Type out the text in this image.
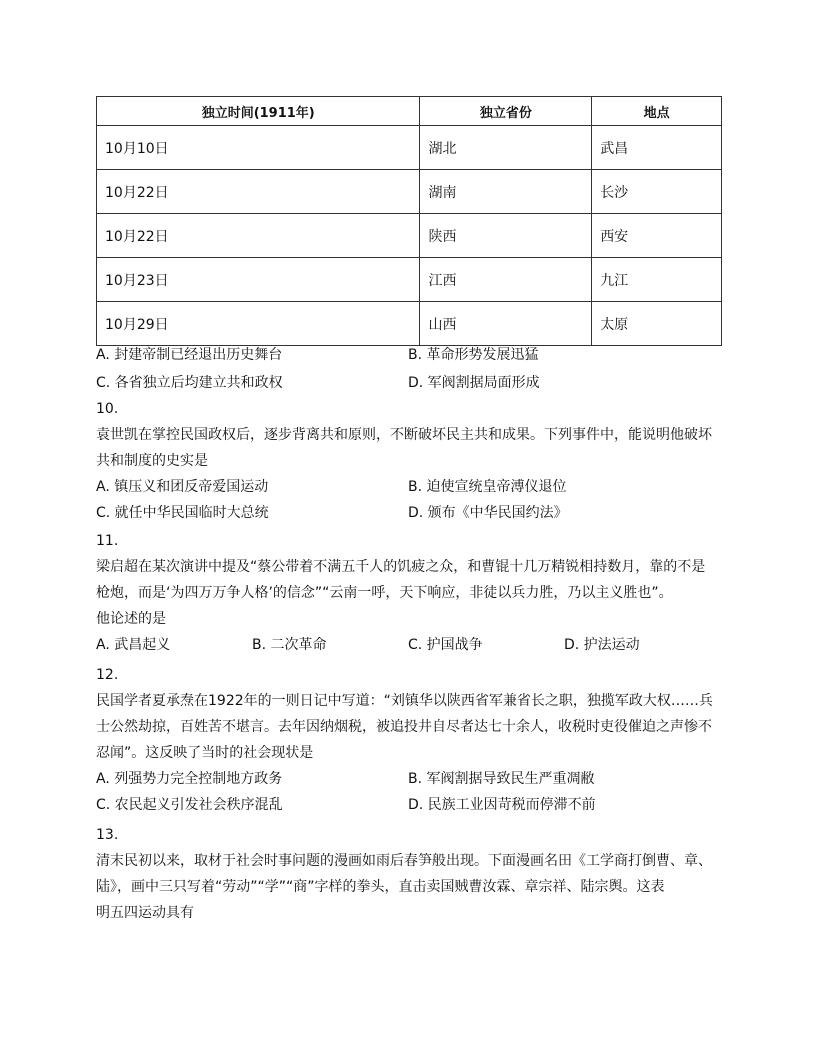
独立时间(1911年)	独立省份	地点
10月10日	湖北	武昌
10月22日	湖南	长沙
10月22日	陕西	西安
10月23日	江西	九江
10月29日	山西	太原
A. 封建帝制已经退出历史舞台	B. 革命形势发展迅猛
C. 各省独立后均建立共和政权	D. 军阀割据局面形成
10.
袁世凯在掌控民国政权后，逐步背离共和原则，不断破坏民主共和成果。下列事件中，能说明他破坏
共和制度的史实是
A. 镇压义和团反帝爱国运动	B. 迫使宣统皇帝溥仪退位
C. 就任中华民国临时大总统	D. 颁布《中华民国约法》
11.
梁启超在某次演讲中提及“蔡公带着不满五千人的饥疲之众，和曹锟十几万精锐相持数月，靠的不是
枪炮，而是‘为四万万争人格’的信念”“云南一呼，天下响应，非徒以兵力胜，乃以主义胜也”。
他论述的是
A. 武昌起义	B. 二次革命	C. 护国战争	D. 护法运动
12.
民国学者夏承焘在1922年的一则日记中写道：“刘镇华以陕西省军兼省长之职，独揽军政大权……兵
士公然劫掠，百姓苦不堪言。去年因纳烟税，被追投井自尽者达七十余人，收税时吏役催迫之声惨不
忍闻”。这反映了当时的社会现状是
A. 列强势力完全控制地方政务	B. 军阀割据导致民生严重凋敝
C. 农民起义引发社会秩序混乱	D. 民族工业因苛税而停滞不前
13.
清末民初以来，取材于社会时事问题的漫画如雨后春笋般出现。下面漫画名田《工学商打倒曹、章、
陆》，画中三只写着“劳动”“学”“商”字样的拳头，直击卖国贼曹汝霖、章宗祥、陆宗舆。这表
明五四运动具有
